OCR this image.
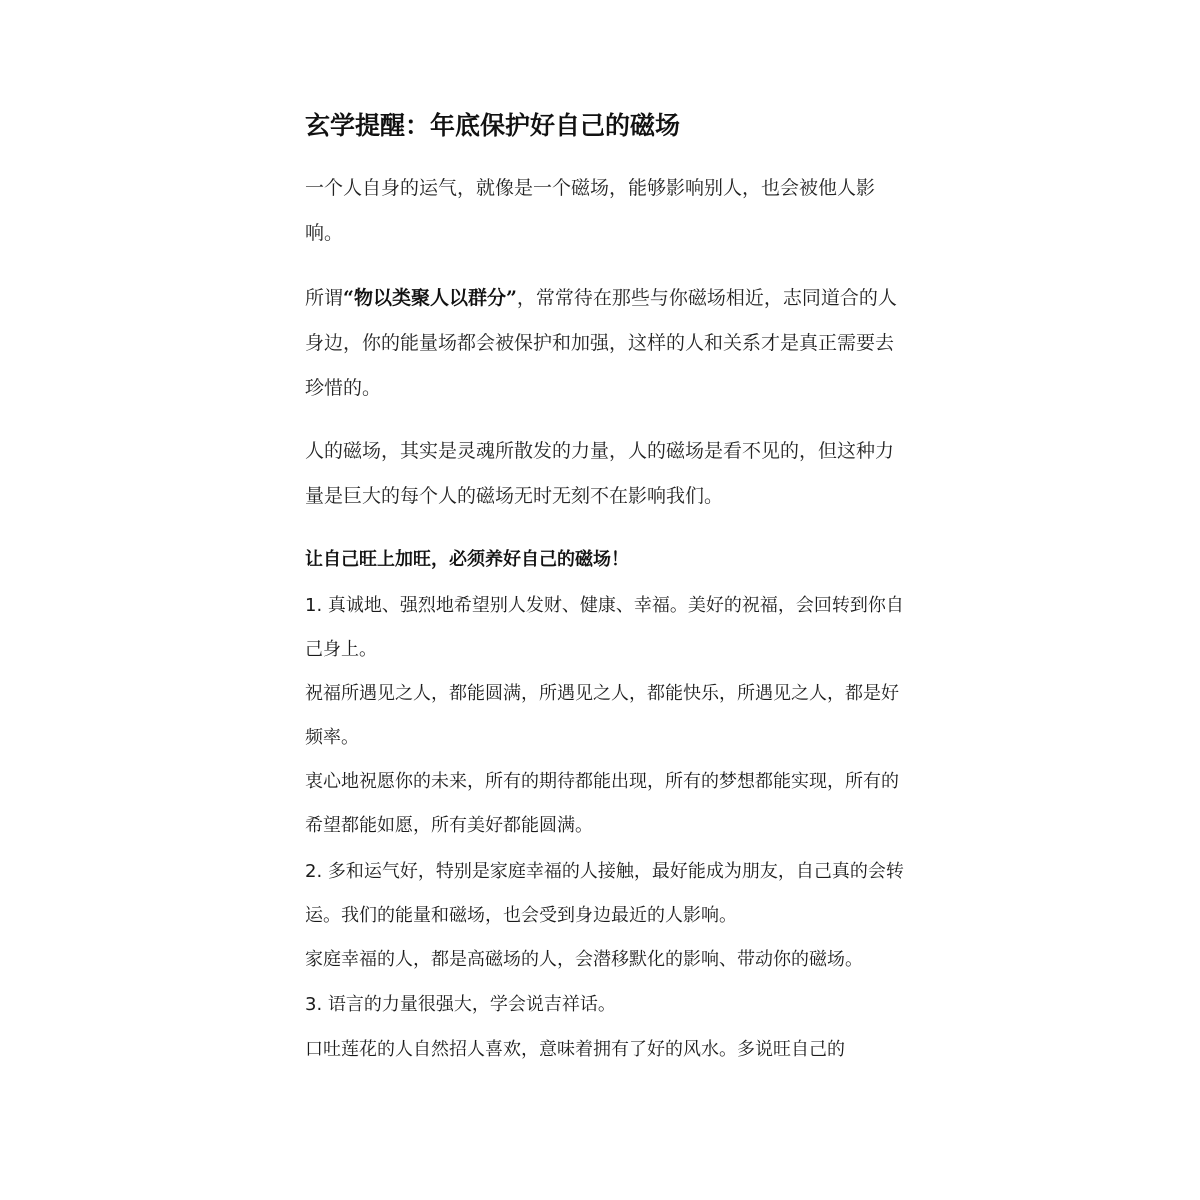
玄学提醒：年底保护好自己的磁场

一个人自身的运气，就像是一个磁场，能够影响别人，也会被他人影响。

所谓“物以类聚人以群分”，常常待在那些与你磁场相近，志同道合的人身边，你的能量场都会被保护和加强，这样的人和关系才是真正需要去珍惜的。

人的磁场，其实是灵魂所散发的力量，人的磁场是看不见的，但这种力量是巨大的每个人的磁场无时无刻不在影响我们。

让自己旺上加旺，必须养好自己的磁场！

1. 真诚地、强烈地希望别人发财、健康、幸福。美好的祝福，会回转到你自己身上。

祝福所遇见之人，都能圆满，所遇见之人，都能快乐，所遇见之人，都是好频率。

衷心地祝愿你的未来，所有的期待都能出现，所有的梦想都能实现，所有的希望都能如愿，所有美好都能圆满。

2. 多和运气好，特别是家庭幸福的人接触，最好能成为朋友，自己真的会转运。我们的能量和磁场，也会受到身边最近的人影响。

家庭幸福的人，都是高磁场的人，会潜移默化的影响、带动你的磁场。

3. 语言的力量很强大，学会说吉祥话。

口吐莲花的人自然招人喜欢，意味着拥有了好的风水。多说旺自己的
